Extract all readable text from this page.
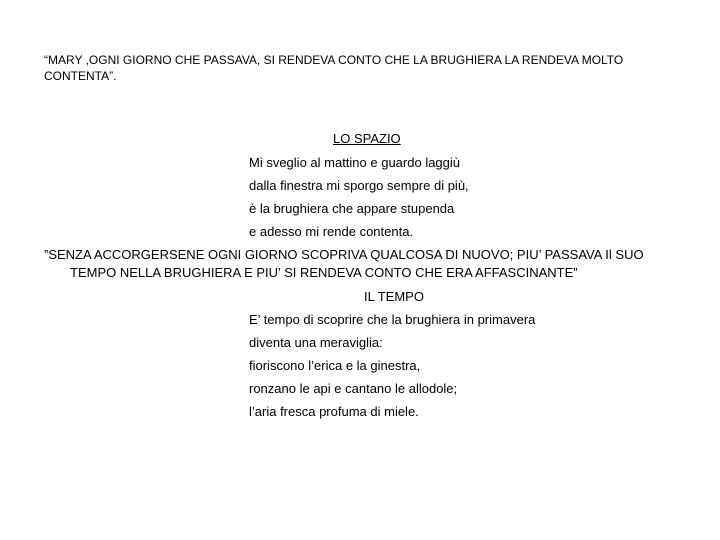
“MARY ,OGNI GIORNO CHE PASSAVA, SI RENDEVA CONTO CHE LA BRUGHIERA LA RENDEVA MOLTO
CONTENTA”.
LO SPAZIO
Mi sveglio al mattino e guardo laggiù
dalla finestra mi sporgo sempre di più,
è la brughiera che appare stupenda
e adesso mi rende contenta.
”SENZA ACCORGERSENE OGNI GIORNO SCOPRIVA QUALCOSA DI NUOVO; PIU’ PASSAVA Il SUO
TEMPO NELLA BRUGHIERA E PIU’ SI RENDEVA CONTO CHE ERA AFFASCINANTE”
IL TEMPO
E’ tempo di scoprire che la brughiera in primavera
diventa una meraviglia:
fioriscono l’erica e la ginestra,
ronzano le api e cantano le allodole;
l’aria fresca profuma di miele.
